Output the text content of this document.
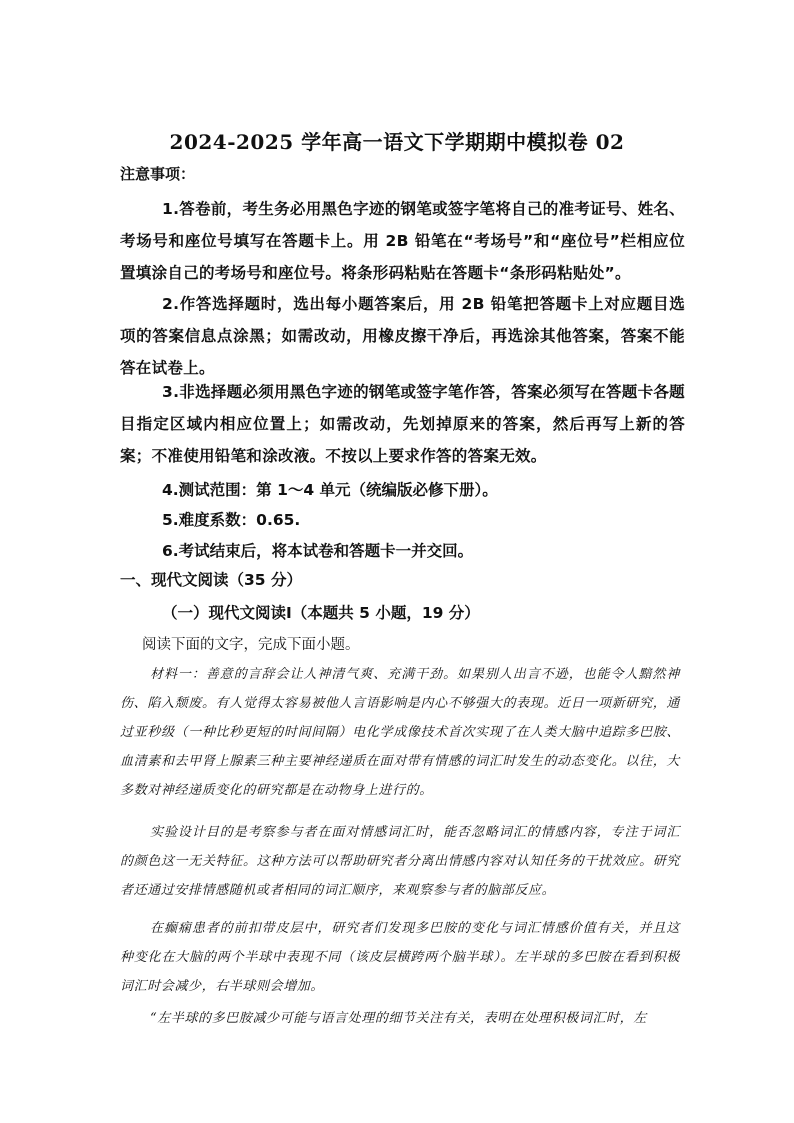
2024-2025 学年高一语文下学期期中模拟卷 02
注意事项：

1.答卷前，考生务必用黑色字迹的钢笔或签字笔将自己的准考证号、姓名、考场号和座位号填写在答题卡上。用 2B 铅笔在“考场号”和“座位号”栏相应位置填涂自己的考场号和座位号。将条形码粘贴在答题卡“条形码粘贴处”。

2.作答选择题时，选出每小题答案后，用 2B 铅笔把答题卡上对应题目选项的答案信息点涂黑；如需改动，用橡皮擦干净后，再选涂其他答案，答案不能答在试卷上。

3.非选择题必须用黑色字迹的钢笔或签字笔作答，答案必须写在答题卡各题目指定区域内相应位置上；如需改动，先划掉原来的答案，然后再写上新的答案；不准使用铅笔和涂改液。不按以上要求作答的答案无效。

4.测试范围：第 1～4 单元（统编版必修下册）。
5.难度系数：0.65.
6.考试结束后，将本试卷和答题卡一并交回。
一、现代文阅读（35 分）
（一）现代文阅读Ⅰ（本题共 5 小题，19 分）
阅读下面的文字，完成下面小题。

材料一：善意的言辞会让人神清气爽、充满干劲。如果别人出言不逊，也能令人黯然神伤、陷入颓废。有人觉得太容易被他人言语影响是内心不够强大的表现。近日一项新研究，通过亚秒级（一种比秒更短的时间间隔）电化学成像技术首次实现了在人类大脑中追踪多巴胺、血清素和去甲肾上腺素三种主要神经递质在面对带有情感的词汇时发生的动态变化。以往，大多数对神经递质变化的研究都是在动物身上进行的。

实验设计目的是考察参与者在面对情感词汇时，能否忽略词汇的情感内容，专注于词汇的颜色这一无关特征。这种方法可以帮助研究者分离出情感内容对认知任务的干扰效应。研究者还通过安排情感随机或者相同的词汇顺序，来观察参与者的脑部反应。

在癫痫患者的前扣带皮层中，研究者们发现多巴胺的变化与词汇情感价值有关，并且这种变化在大脑的两个半球中表现不同（该皮层横跨两个脑半球）。左半球的多巴胺在看到积极词汇时会减少，右半球则会增加。

“左半球的多巴胺减少可能与语言处理的细节关注有关，表明在处理积极词汇时，左
